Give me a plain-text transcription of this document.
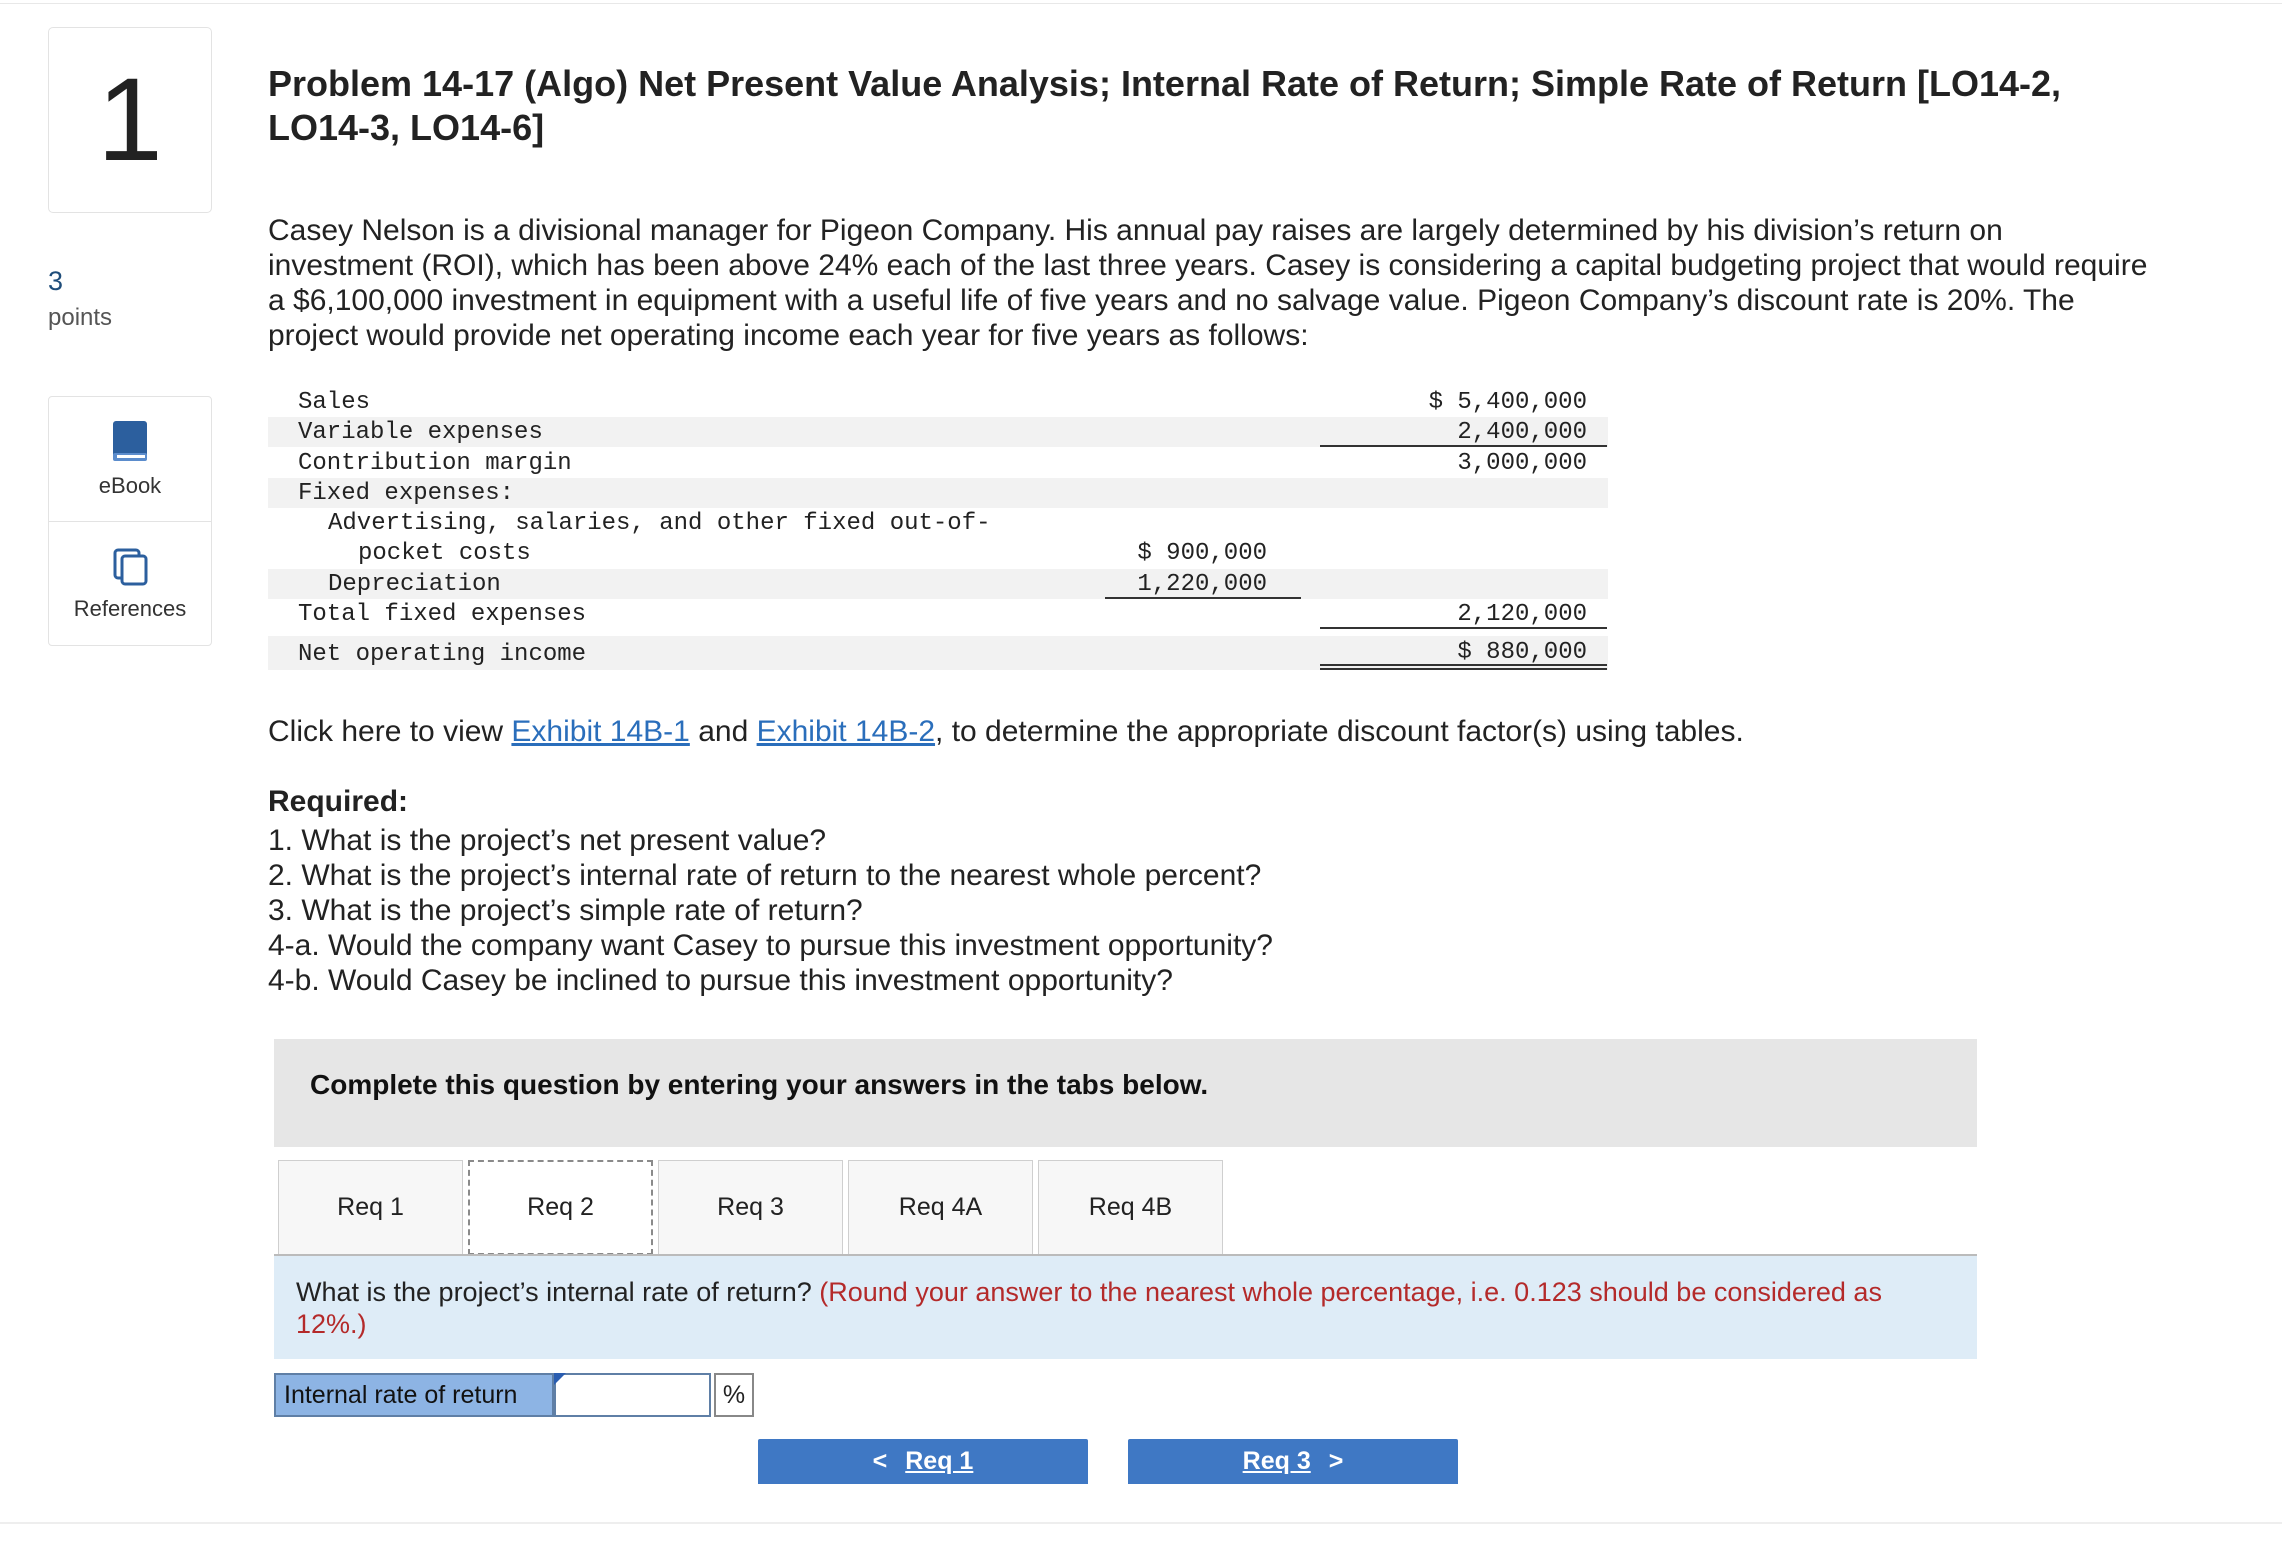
1
3
points
eBook
References
Problem 14-17 (Algo) Net Present Value Analysis; Internal Rate of Return; Simple Rate of Return [LO14-2, LO14-3, LO14-6]
Casey Nelson is a divisional manager for Pigeon Company. His annual pay raises are largely determined by his division’s return on investment (ROI), which has been above 24% each of the last three years. Casey is considering a capital budgeting project that would require a $6,100,000 investment in equipment with a useful life of five years and no salvage value. Pigeon Company’s discount rate is 20%. The project would provide net operating income each year for five years as follows:
Sales	$ 5,400,000
Variable expenses	2,400,000
Contribution margin	3,000,000
Fixed expenses:
Advertising, salaries, and other fixed out-of-
pocket costs	$ 900,000
Depreciation	1,220,000
Total fixed expenses	2,120,000
Net operating income	$ 880,000
Click here to view Exhibit 14B-1 and Exhibit 14B-2, to determine the appropriate discount factor(s) using tables.
Required:
1. What is the project’s net present value?
2. What is the project’s internal rate of return to the nearest whole percent?
3. What is the project’s simple rate of return?
4-a. Would the company want Casey to pursue this investment opportunity?
4-b. Would Casey be inclined to pursue this investment opportunity?
Complete this question by entering your answers in the tabs below.
Req 1	Req 2	Req 3	Req 4A	Req 4B
What is the project’s internal rate of return? (Round your answer to the nearest whole percentage, i.e. 0.123 should be considered as 12%.)
Internal rate of return	%
< Req 1	Req 3 >
